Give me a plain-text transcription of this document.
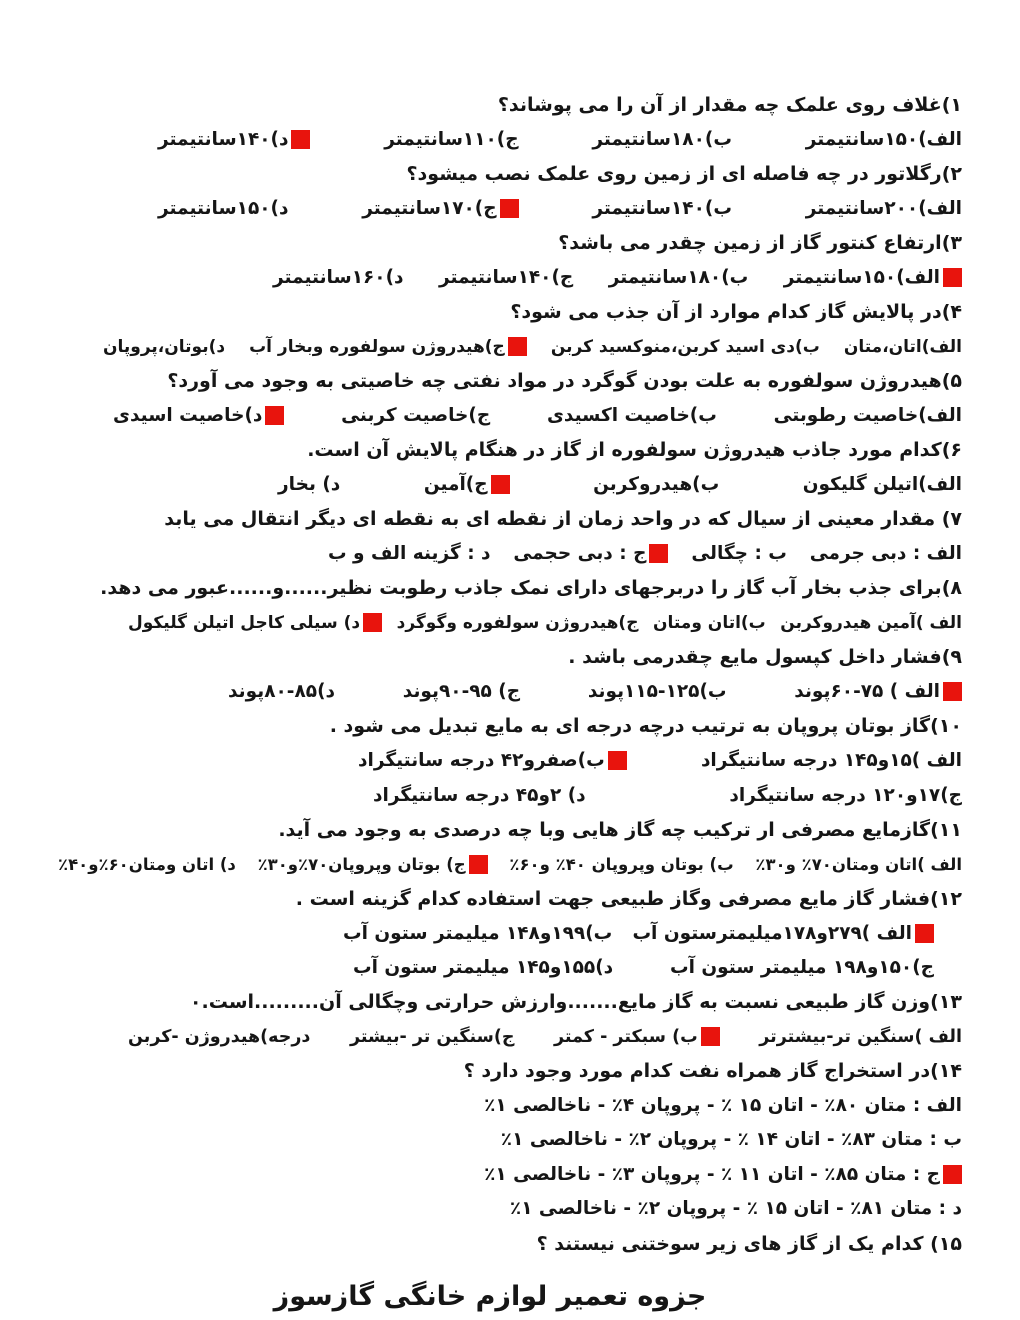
۱)غلاف روی علمک چه مقدار از آن را می پوشاند؟
الف)۱۵۰سانتیمتر
ب)۱۸۰سانتیمتر
ج)۱۱۰سانتیمتر
د)۱۴۰سانتیمتر
۲)رگلاتور در چه فاصله ای از زمین روی علمک نصب میشود؟
الف)۲۰۰سانتیمتر
ب)۱۴۰سانتیمتر
ج)۱۷۰سانتیمتر
د)۱۵۰سانتیمتر
۳)ارتفاع کنتور گاز از زمین چقدر می باشد؟
الف)۱۵۰سانتیمتر
ب)۱۸۰سانتیمتر
ج)۱۴۰سانتیمتر
د)۱۶۰سانتیمتر
۴)در پالایش گاز کدام موارد از آن جذب می شود؟
الف)اتان،متان
ب)دی اسید کربن،منوکسید کربن
ج)هیدروژن سولفوره وبخار آب
د)بوتان،پروپان
۵)هیدروژن سولفوره به علت بودن گوگرد در مواد نفتی چه خاصیتی به وجود می آورد؟
الف)خاصیت رطوبتی
ب)خاصیت اکسیدی
ج)خاصیت کربنی
د)خاصیت اسیدی
۶)کدام مورد جاذب هیدروژن سولفوره از گاز در هنگام پالایش آن است.
الف)اتیلن گلیکون
ب)هیدروکربن
ج)آمین
د) بخار
۷) مقدار معینی از سیال که در واحد زمان از نقطه ای به نقطه ای دیگر انتقال می یابد
الف : دبی جرمی
ب : چگالی
ج : دبی حجمی
د : گزینه الف و ب
۸)برای جذب بخار آب گاز را دربرجهای دارای نمک جاذب رطوبت نظیر......و......عبور می دهد.
الف )آمین هیدروکربن
ب)اتان ومتان
ج)هیدروژن سولفوره وگوگرد
د) سیلی کاجل اتیلن گلیکول
۹)فشار داخل کپسول مایع چقدرمی باشد .
الف ) ۷۵-۶۰پوند
ب)۱۲۵-۱۱۵پوند
ج) ۹۵-۹۰پوند
د)۸۵-۸۰پوند
۱۰)گاز بوتان پروپان به ترتیب درچه درجه ای به مایع تبدیل می شود .
الف )۱۵و۱۴۵ درجه سانتیگراد
ب)صفرو۴۲ درجه سانتیگراد
ج)۱۷و۱۲۰ درجه سانتیگراد
د) ۲و۴۵ درجه سانتیگراد
۱۱)گازمایع مصرفی ار ترکیب چه گاز هایی وبا چه درصدی به وجود می آید.
الف )اتان ومتان۷۰٪ و۳۰٪
ب) بوتان وپروپان ۴۰٪ و۶۰٪
ج) بوتان وپروپان۷۰٪و۳۰٪
د) اتان ومتان۶۰٪و۴۰٪
۱۲)فشار گاز مایع مصرفی وگاز طبیعی جهت استفاده کدام گزینه است .
الف )۲۷۹و۱۷۸میلیمترستون آب
ب)۱۹۹و۱۴۸ میلیمتر ستون آب
ج)۱۵۰و۱۹۸ میلیمتر ستون آب
د)۱۵۵و۱۴۵ میلیمتر ستون آب
۱۳)وزن گاز طبیعی نسبت به گاز مایع.......وارزش حرارتی وچگالی آن.........است.۰
الف )سنگین تر-بیشترتر
ب) سبکتر - کمتر
ج)سنگین تر -بیشتر
درجه)هیدروژن -کربن
۱۴)در استخراج گاز همراه نفت کدام مورد وجود دارد ؟
الف : متان ۸۰٪ - اتان ۱۵ ٪ - پروپان ۴٪ - ناخالصی ۱٪
ب : متان ۸۳٪ - اتان ۱۴ ٪ - پروپان ۲٪ - ناخالصی ۱٪
ج : متان ۸۵٪ - اتان ۱۱ ٪ - پروپان ۳٪ - ناخالصی ۱٪
د : متان ۸۱٪ - اتان ۱۵ ٪ - پروپان ۲٪ - ناخالصی ۱٪
۱۵) کدام یک از گاز های زیر سوختنی نیستند ؟
جزوه تعمیر لوازم خانگی گازسوز
